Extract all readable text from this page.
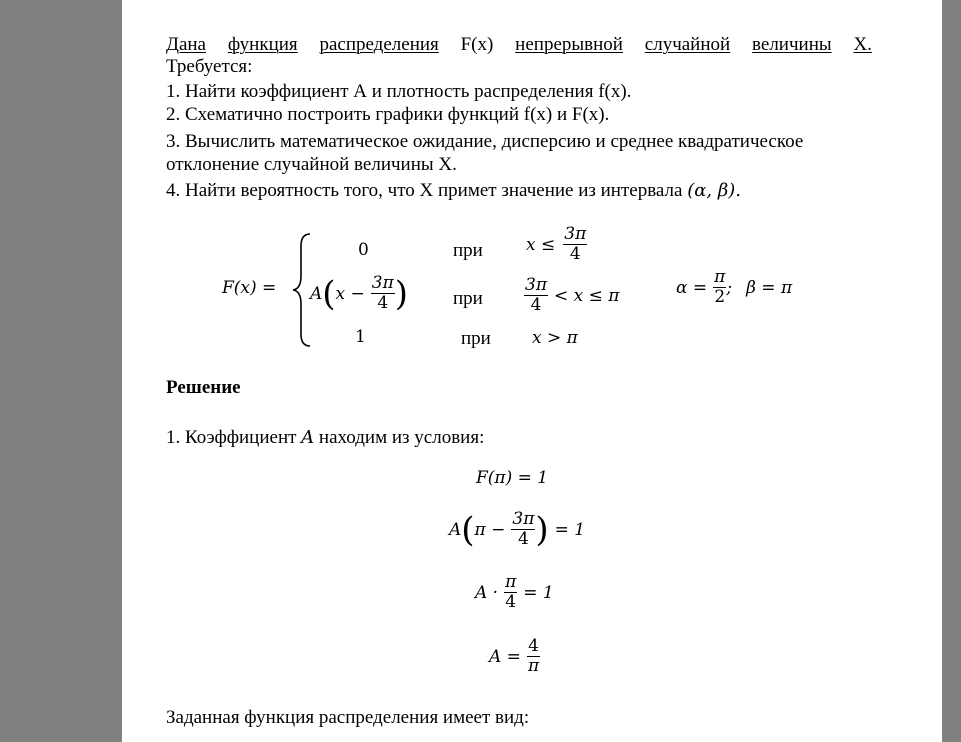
Дана функция распределения F(x) непрерывной случайной величины X.
Требуется:
1. Найти коэффициент А и плотность распределения f(x).
2. Схематично построить графики функций f(x) и F(x).
3. Вычислить математическое ожидание, дисперсию и среднее квадратическое
отклонение случайной величины X.
4. Найти вероятность того, что X примет значение из интервала (α, β).
F(x) =
0	при	$x \le \frac{3\pi}{4}$
A ( $x - \frac{3\pi}{4}$ ) при $\frac{3\pi}{4} < x \le \pi$
1	при x > π
$\alpha = \frac{\pi}{2}$ ; β = π
Решение
1. Коэффициент A находим из условия:
F(π) = 1
A ( $\pi - \frac{3\pi}{4}$ ) = 1
$A \cdot \frac{\pi}{4} = 1$
$A = \frac{4}{\pi}$
Заданная функция распределения имеет вид:
